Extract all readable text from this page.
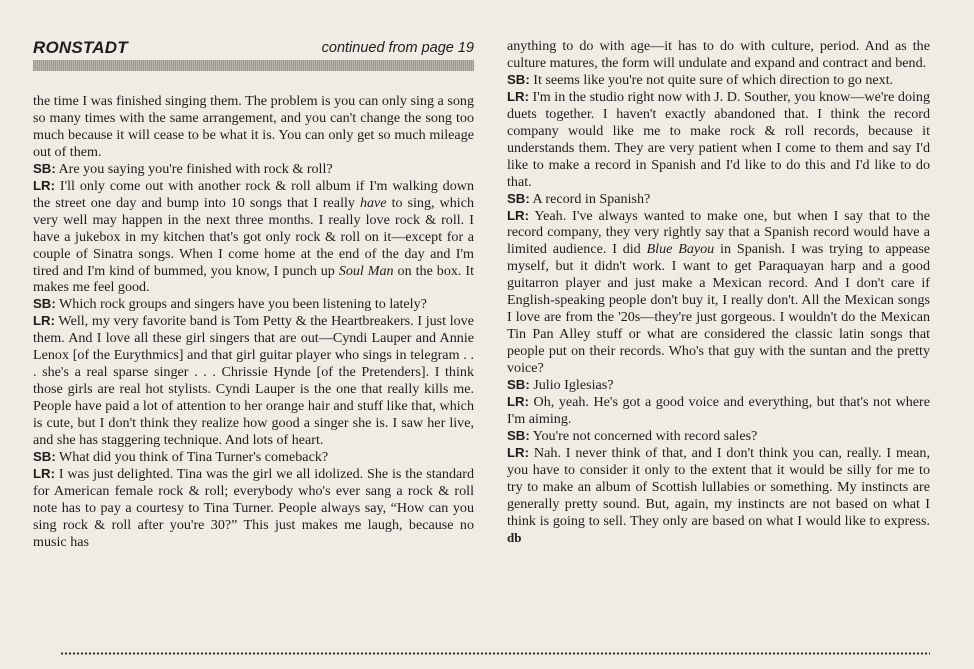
RONSTADT	continued from page 19

the time I was finished singing them. The problem is you can only sing a song so many times with the same arrangement, and you can't change the song too much because it will cease to be what it is. You can only get so much mileage out of them.

SB: Are you saying you're finished with rock & roll?

LR: I'll only come out with another rock & roll album if I'm walking down the street one day and bump into 10 songs that I really have to sing, which very well may happen in the next three months. I really love rock & roll. I have a jukebox in my kitchen that's got only rock & roll on it—except for a couple of Sinatra songs. When I come home at the end of the day and I'm tired and I'm kind of bummed, you know, I punch up Soul Man on the box. It makes me feel good.

SB: Which rock groups and singers have you been listening to lately?

LR: Well, my very favorite band is Tom Petty & the Heartbreakers. I just love them. And I love all these girl singers that are out—Cyndi Lauper and Annie Lenox [of the Eurythmics] and that girl guitar player who sings in telegram . . . she's a real sparse singer . . . Chrissie Hynde [of the Pretenders]. I think those girls are real hot stylists. Cyndi Lauper is the one that really kills me. People have paid a lot of attention to her orange hair and stuff like that, which is cute, but I don't think they realize how good a singer she is. I saw her live, and she has staggering technique. And lots of heart.

SB: What did you think of Tina Turner's comeback?

LR: I was just delighted. Tina was the girl we all idolized. She is the standard for American female rock & roll; everybody who's ever sang a rock & roll note has to pay a courtesy to Tina Turner. People always say, “How can you sing rock & roll after you're 30?” This just makes me laugh, because no music has

anything to do with age—it has to do with culture, period. And as the culture matures, the form will undulate and expand and contract and bend.

SB: It seems like you're not quite sure of which direction to go next.

LR: I'm in the studio right now with J. D. Souther, you know—we're doing duets together. I haven't exactly abandoned that. I think the record company would like me to make rock & roll records, because it understands them. They are very patient when I come to them and say I'd like to make a record in Spanish and I'd like to do this and I'd like to do that.

SB: A record in Spanish?

LR: Yeah. I've always wanted to make one, but when I say that to the record company, they very rightly say that a Spanish record would have a limited audience. I did Blue Bayou in Spanish. I was trying to appease myself, but it didn't work. I want to get Paraquayan harp and a good guitarron player and just make a Mexican record. And I don't care if English-speaking people don't buy it, I really don't. All the Mexican songs I love are from the '20s—they're just gorgeous. I wouldn't do the Mexican Tin Pan Alley stuff or what are considered the classic latin songs that people put on their records. Who's that guy with the suntan and the pretty voice?

SB: Julio Iglesias?

LR: Oh, yeah. He's got a good voice and everything, but that's not where I'm aiming.

SB: You're not concerned with record sales?

LR: Nah. I never think of that, and I don't think you can, really. I mean, you have to consider it only to the extent that it would be silly for me to try to make an album of Scottish lullabies or something. My instincts are generally pretty sound. But, again, my instincts are not based on what I think is going to sell. They only are based on what I would like to express. db
